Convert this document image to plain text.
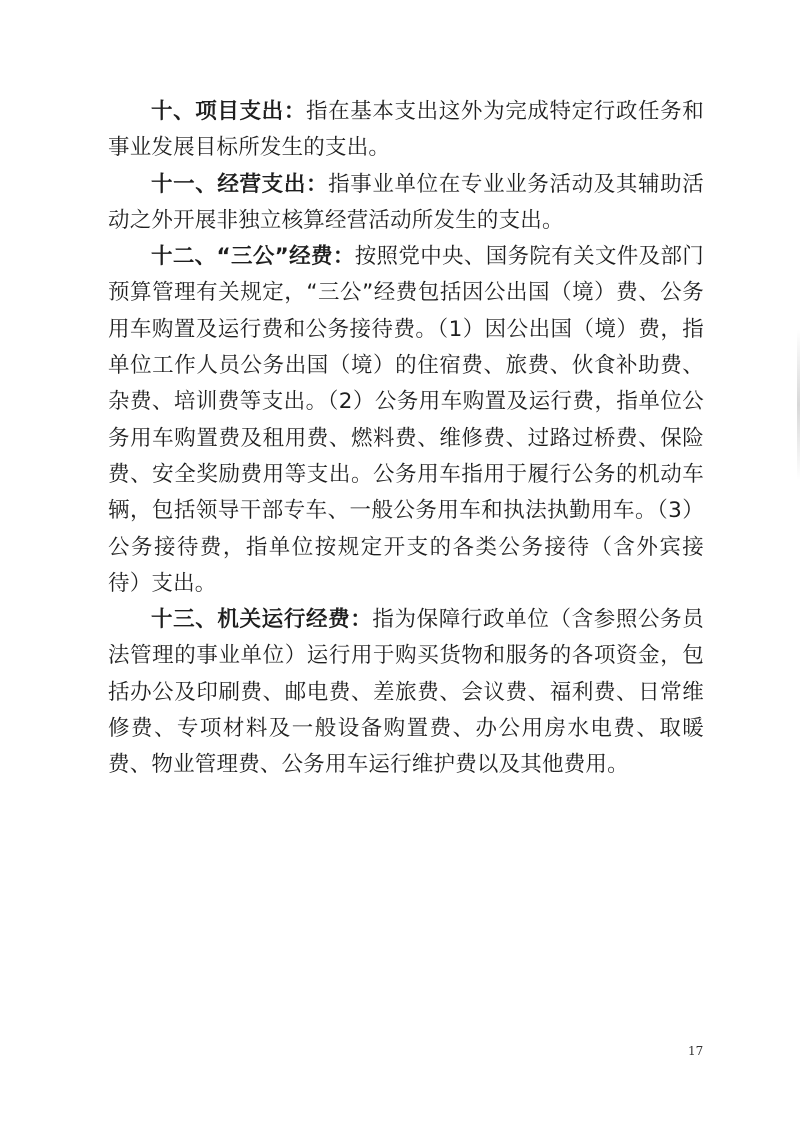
十、项目支出：指在基本支出这外为完成特定行政任务和事业发展目标所发生的支出。

十一、经营支出：指事业单位在专业业务活动及其辅助活动之外开展非独立核算经营活动所发生的支出。

十二、“三公”经费：按照党中央、国务院有关文件及部门预算管理有关规定，“三公”经费包括因公出国（境）费、公务用车购置及运行费和公务接待费。（1）因公出国（境）费，指单位工作人员公务出国（境）的住宿费、旅费、伙食补助费、杂费、培训费等支出。（2）公务用车购置及运行费，指单位公务用车购置费及租用费、燃料费、维修费、过路过桥费、保险费、安全奖励费用等支出。公务用车指用于履行公务的机动车辆，包括领导干部专车、一般公务用车和执法执勤用车。（3）公务接待费，指单位按规定开支的各类公务接待（含外宾接待）支出。

十三、机关运行经费：指为保障行政单位（含参照公务员法管理的事业单位）运行用于购买货物和服务的各项资金，包括办公及印刷费、邮电费、差旅费、会议费、福利费、日常维修费、专项材料及一般设备购置费、办公用房水电费、取暖费、物业管理费、公务用车运行维护费以及其他费用。

17
